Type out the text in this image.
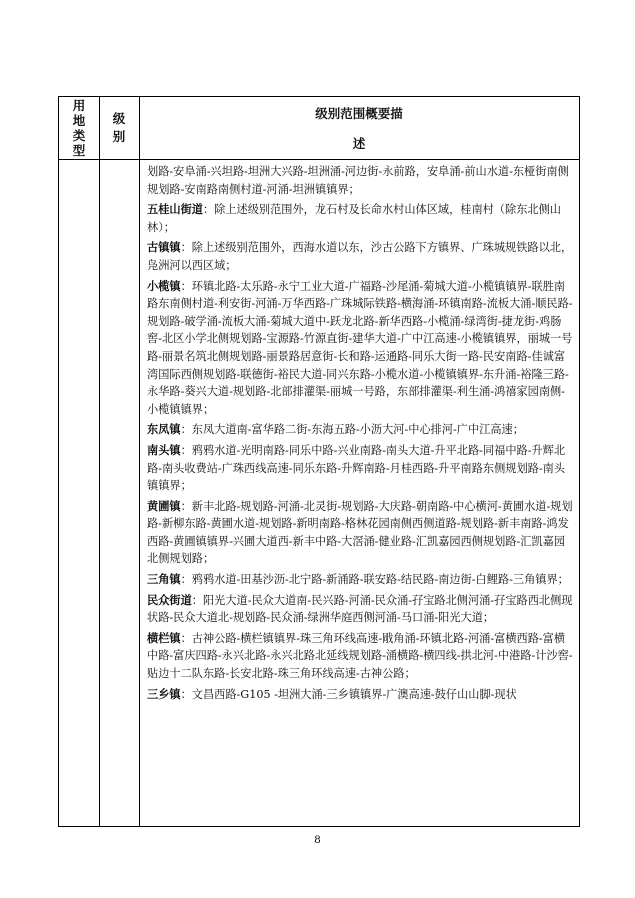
用地类型
级别
级别范围概要描
述

划路-安阜涌-兴坦路-坦洲大兴路-坦洲涌-河边街-永前路，安阜涌-前山水道-东桠街南侧规划路-安南路南侧村道-河涌-坦洲镇镇界；

五桂山街道：除上述级别范围外，龙石村及长命水村山体区域，桂南村（除东北侧山林）；

古镇镇：除上述级别范围外，西海水道以东，沙古公路下方镇界、广珠城规铁路以北，凫洲河以西区域；

小榄镇：环镇北路-太乐路-永宁工业大道-广福路-沙尾涌-菊城大道-小榄镇镇界-联胜南路东南侧村道-利安街-河涌-万华西路-广珠城际铁路-横海涌-环镇南路-流板大涌-顺民路-规划路-破学涌-流板大涌-菊城大道中-跃龙北路-新华西路-小榄涌-绿湾街-捷龙街-鸡肠窖-北区小学北侧规划路-宝源路-竹源直街-建华大道-广中江高速-小榄镇镇界，丽城一号路-丽景名筑北侧规划路-丽景路居意街-长和路-运通路-同乐大街一路-民安南路-佳诚富湾国际西侧规划路-联德街-裕民大道-同兴东路-小榄水道-小榄镇镇界-东升涌-裕隆三路-永华路-葵兴大道-规划路-北部排灌渠-丽城一号路，东部排灌渠-利生涌-鸿禧家园南侧-小榄镇镇界；

东凤镇：东凤大道南-富华路二街-东海五路-小沥大河-中心排河-广中江高速；

南头镇：鸦鸦水道-光明南路-同乐中路-兴业南路-南头大道-升平北路-同福中路-升辉北路-南头收费站-广珠西线高速-同乐东路-升辉南路-月桂西路-升平南路东侧规划路-南头镇镇界；

黄圃镇：新丰北路-规划路-河涌-北灵街-规划路-大庆路-朝南路-中心横河-黄圃水道-规划路-新柳东路-黄圃水道-规划路-新明南路-格林花园南侧西侧道路-规划路-新丰南路-鸿发西路-黄圃镇镇界-兴圃大道西-新丰中路-大滘涌-健业路-汇凯嘉园西侧规划路-汇凯嘉园北侧规划路；

三角镇：鸦鸦水道-田基沙沥-北宁路-新涌路-联安路-结民路-南边街-白鲤路-三角镇界；

民众街道：阳光大道-民众大道南-民兴路-河涌-民众涌-孖宝路北侧河涌-孖宝路西北侧现状路-民众大道北-规划路-民众涌-绿洲华庭西侧河涌-马口涌-阳光大道；

横栏镇：古神公路-横栏镇镇界-珠三角环线高速-戙角涌-环镇北路-河涌-富横西路-富横中路-富庆四路-永兴北路-永兴北路北延线规划路-涌横路-横四线-拱北河-中港路-计沙窖-贴边十二队东路-长安北路-珠三角环线高速-古神公路；

三乡镇：文昌西路-G105 -坦洲大涌-三乡镇镇界-广澳高速-鼓仔山山脚-现状

8
